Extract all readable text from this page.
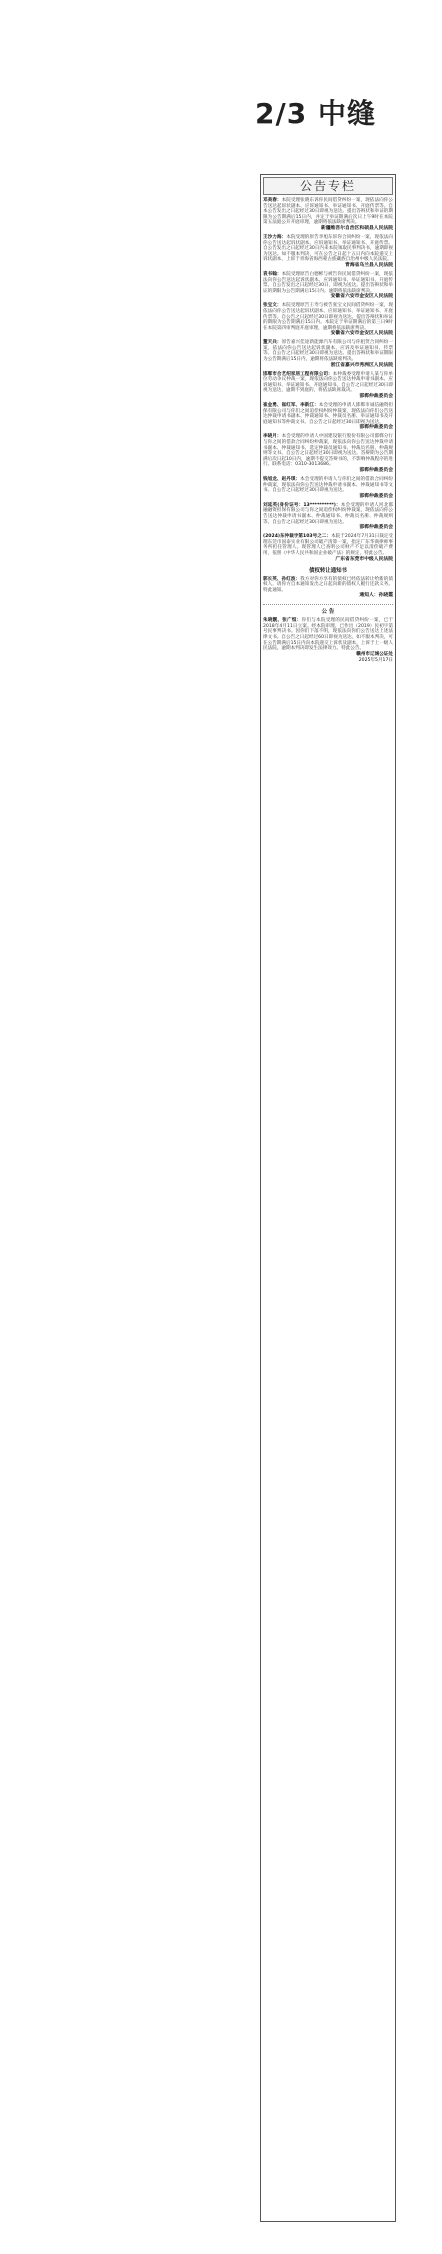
2/3 中缝
公告专栏
邓美春：本院受理张晓东诉你民间借贷纠纷一案，现依法向你公告送达起诉状副本、应诉通知书、举证通知书、开庭传票等。自本公告发出之日起经过30日即视为送达。提出答辩状和举证的期限为公告期满后15日内，并定于举证期满后次日上午9时在本院第五法庭公开开庭审理，逾期将依法缺席判决。
新疆维吾尔自治区和硕县人民法院
王沙力海：本院受理的原告李旭东诉你合同纠纷一案，现依法向你公告送达起诉状副本、应诉通知书、举证通知书、开庭传票。自公告发出之日起经过30日内来本院领取民事判决书，逾期即视为送达。如不服本判决，可在公告之日起十五日内向本院递交上诉状副本，上诉于青海省海西蒙古族藏族自治州中级人民法院。
青海省乌兰县人民法院
袁书翰：本院受理原告白德彬与被告你民间借贷纠纷一案，现依法向你公告送达起诉状副本、应诉通知书、举证通知书、开庭传票。自公告发出之日起经过30日，即视为送达。提出答辩状和举证的期限为公告期满后15日内。逾期将依法缺席判决。
安徽省六安市金安区人民法院
张宝文：本院受理原告王寿与被告张宝文民间借贷纠纷一案，现依法向你公告送达起诉状副本、应诉通知书、举证通知书、开庭传票等。自公告之日起经过30日即视为送达。提出答辩状和举证的期限为公告期满后15日内。本院定于举证期满后的第三日9时在本院第四审判庭开庭审理，逾期将依法缺席判决。
安徽省六安市金安区人民法院
董天兵：原告嘉兴佳途新能源汽车有限公司与你租赁合同纠纷一案，依法向你公告送达起诉状副本、应诉及举证通知书、传票等。自公告之日起经过30日即视为送达。提出答辩状和举证期限为公告期满后15日内，逾期将依法缺席判决。
浙江省嘉兴市秀洲区人民法院
邯郸市合艺绍家居工程有限公司：本仲裁委受理申请人某与你单位劳动争议仲裁一案，现依法向你公告送达仲裁申请书副本、应诉通知书、举证通知书、开庭通知书。自公告之日起经过30日即视为送达，逾期不到庭的，将依法缺席裁决。
邯郸仲裁委员会
崔金勇、崔红军、李新江：本会受理的申请人邯郸市诚信融资担保有限公司与你们之间追偿权纠纷仲裁案，现依法向你们公告送达仲裁申请书副本、仲裁通知书、仲裁员名册、举证通知书及开庭通知书等仲裁文书。自公告之日起经过30日即视为送达。
邯郸仲裁委员会
李晓月：本会受理的申请人中国建设银行股份有限公司邯郸分行与你之间的借款合同纠纷仲裁案，现依法向你公告送达仲裁申请书副本、仲裁通知书、选定仲裁员通知书、仲裁员名册、仲裁规则等文书。自公告之日起经过30日即视为送达。答辩期为公告期满后次日起10日内，逾期不提交答辩书的，不影响仲裁程序的进行。联系电话：0310-3013686。
邯郸仲裁委员会
钱旭龙、赵丹琪：本会受理的申请人与你们之间的借款合同纠纷仲裁案，现依法向你公告送达仲裁申请书副本、仲裁通知书等文书。自公告之日起经过30日即视为送达。
邯郸仲裁委员会
刘延英(身份证号：13**********)：本会受理的申请人河北邯融融资担保有限公司与你之间追偿权纠纷仲裁案，现依法向你公告送达仲裁申请书副本、仲裁通知书、仲裁员名册、仲裁规则等。自公告之日起经过30日即视为送达。
邯郸仲裁委员会
(2024)东仲裁字第103号之二：本院于2024年7月31日裁定受理东莞市国泰实业有限公司破产清算一案，指定广东华商律师事务所担任管理人。现管理人已查明公司财产不足以清偿破产费用，依照《中华人民共和国企业破产法》的规定，特此公告。
广东省东莞市中级人民法院
债权转让通知书
郭长英、孙红波：我方对你方享有的债权已经依法转让给新的债权人，请你方自本通知发出之日起向新的债权人履行还款义务。特此通知。
通知人：孙晓霞
公 告
朱晓靓、张广恒：你们与本院受理的民间借贷纠纷一案，已于2018年4月11日立案。经本院审理，已作出（2019）民初字第号民事判决书。因你们下落不明，现依法向你们公告送达上述法律文书。自公告之日起经过60日即视为送达。如不服本判决，可在公告期满后15日内向本院递交上诉状及副本，上诉于上一级人民法院。逾期本判决即发生法律效力。特此公告。
赣州市辽城公证处
2025年5月17日
